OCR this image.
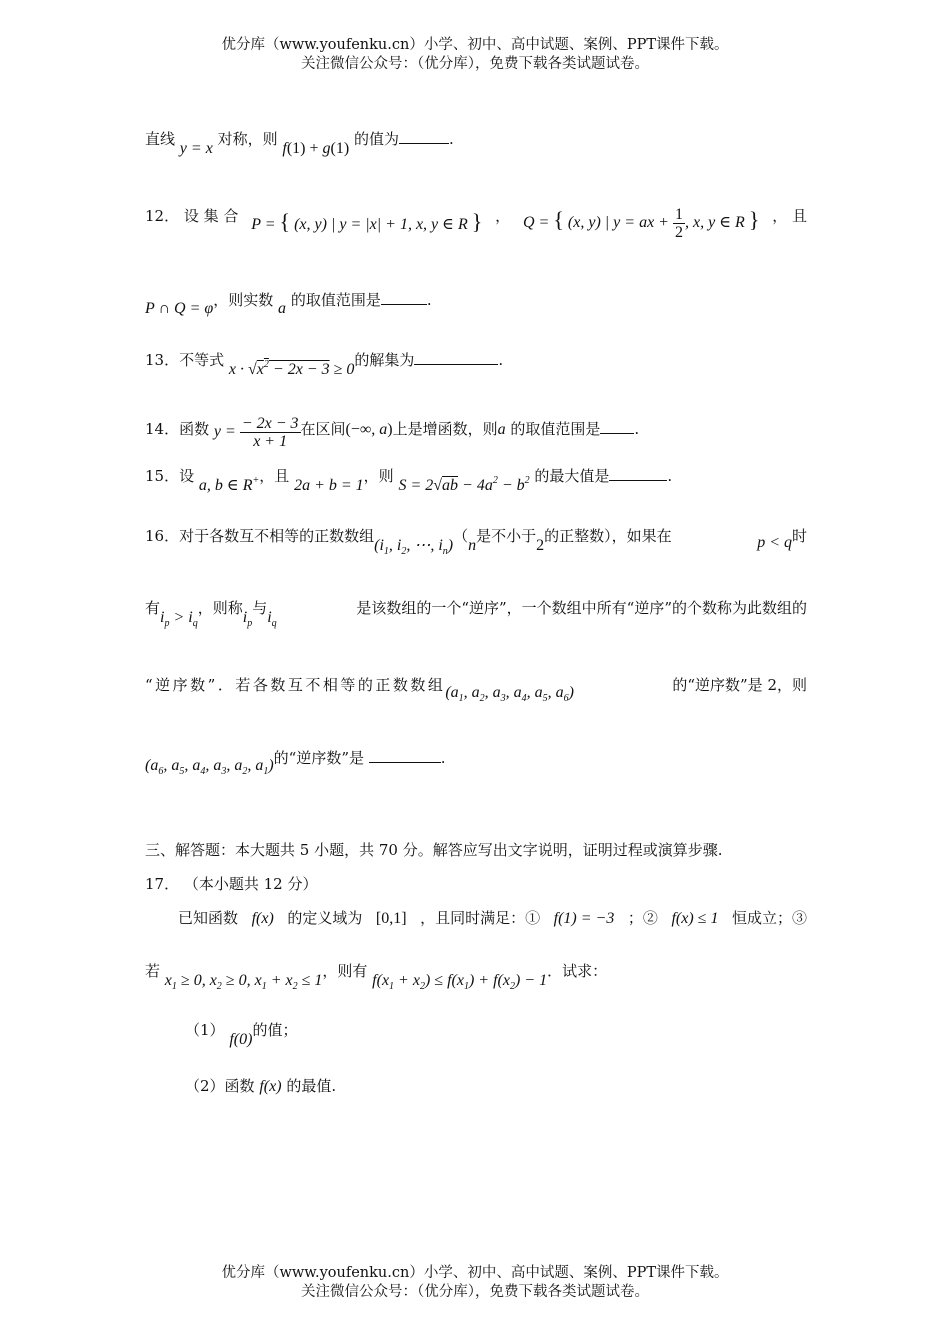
优分库（www.youfenku.cn）小学、初中、高中试题、案例、PPT课件下载。
关注微信公众号：（优分库），免费下载各类试题试卷。
直线 y = x 对称，则 f(1) + g(1) 的值为	.
12． 设 集 合 P = { (x, y) | y = |x| + 1, x, y ∈ R } ， Q = { (x, y) | y = ax + $\frac{1}{2}$ , x, y ∈ R } ， 且
P ∩ Q = φ，则实数 a 的取值范围是	.
13．不等式 $x \cdot √x^2 - 2x - 3 \ge 0$的解集为	.
14．函数 $y = \frac{- 2x - 3}{x + 1}$ 在区间(−∞, a)上是增函数，则a 的取值范围是 .
15．设 a, b ∈ R+，且 2a + b = 1，则 $S = 2√ab - 4a^2 - b^2$ 的最大值是	.
16．对于各数互不相等的正数数组($i_1$, $i_2$, ⋯, $i_n)(n$是不小于2的正整数），如果在	p < q时
有$i_p > i_q$，则称$i_p$与$i_q$
是该数组的一个“逆序”，一个数组中所有“逆序”的个数称为此数组的
“逆序数”．若各数互不相等的正数数组($a_1$, $a_2$, $a_3$, $a_4$, $a_5$, $a_6$)	的“逆序数”是 2，则
($a_6$, $a_5$, $a_4$, $a_3$, $a_2$, $a_1$)的“逆序数”是	.
三、解答题：本大题共 5 小题，共 70 分。解答应写出文字说明，证明过程或演算步骤.
17． （本小题共 12 分）
已知函数 f(x) 的定义域为 [0,1] ，且同时满足：① f(1) = −3 ；② f(x) ≤ 1 恒成立；③
若 $x_1 \ge 0$, $x_2 \ge 0$, $x_1 + x_2 \le 1$，则有 $f(x_1 + x_2) \le f(x_1) + f(x_2) - 1$．试求：
（1） f(0)的值；
（2）函数 f(x) 的最值.
优分库（www.youfenku.cn）小学、初中、高中试题、案例、PPT课件下载。
关注微信公众号：（优分库），免费下载各类试题试卷。
